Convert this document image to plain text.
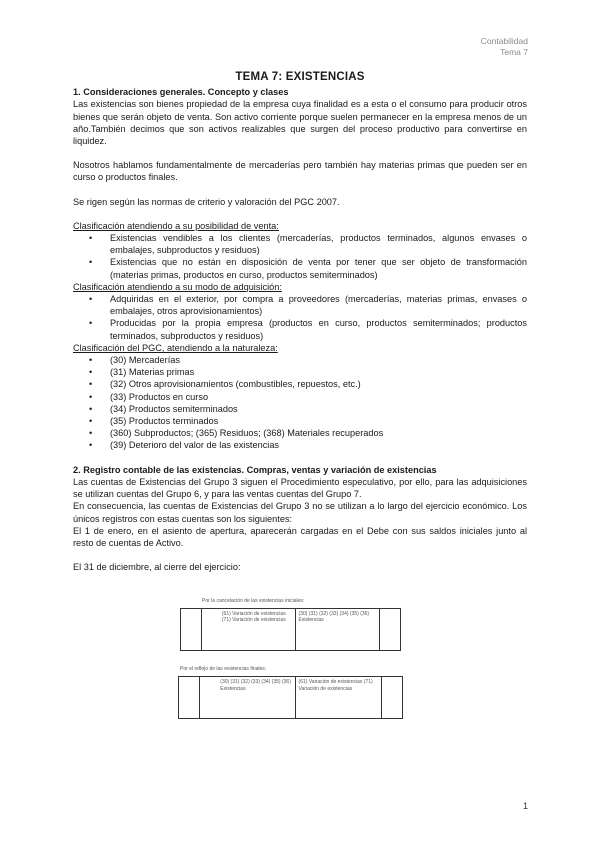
Contabilidad
Tema 7
TEMA 7: EXISTENCIAS
1. Consideraciones generales. Concepto y clases

Las existencias son bienes propiedad de la empresa cuya finalidad es a esta o el consumo para producir otros bienes que serán objeto de venta. Son activo corriente porque suelen permanecer en la empresa menos de un año.También decimos que son activos realizables que surgen del proceso productivo para convertirse en liquidez.

Nosotros hablamos fundamentalmente de mercaderías pero también hay materias primas que pueden ser en curso o productos finales.

Se rigen según las normas de criterio y valoración del PGC 2007.

Clasificación atendiendo a su posibilidad de venta:
• Existencias vendibles a los clientes (mercaderías, productos terminados, algunos envases o embalajes, subproductos y residuos)
• Existencias que no están en disposición de venta por tener que ser objeto de transformación (materias primas, productos en curso, productos semiterminados)
Clasificación atendiendo a su modo de adquisición:
• Adquiridas en el exterior, por compra a proveedores (mercaderías, materias primas, envases o embalajes, otros aprovisionamientos)
• Producidas por la propia empresa (productos en curso, productos semiterminados; productos terminados, subproductos y residuos)
Clasificación del PGC, atendiendo a la naturaleza:
• (30) Mercaderías
• (31) Materias primas
• (32) Otros aprovisionamientos (combustibles, repuestos, etc.)
• (33) Productos en curso
• (34) Productos semiterminados
• (35) Productos terminados
• (360) Subproductos; (365) Residuos; (368) Materiales recuperados
• (39) Deterioro del valor de las existencias
2. Registro contable de las existencias. Compras, ventas y variación de existencias

Las cuentas de Existencias del Grupo 3 siguen el Procedimiento especulativo, por ello, para las adquisiciones se utilizan cuentas del Grupo 6, y para las ventas cuentas del Grupo 7.

En consecuencia, las cuentas de Existencias del Grupo 3 no se utilizan a lo largo del ejercicio económico. Los únicos registros con estas cuentas son los siguientes:

El 1 de enero, en el asiento de apertura, aparecerán cargadas en el Debe con sus saldos iniciales junto al resto de cuentas de Activo.

El 31 de diciembre, al cierre del ejercicio:

Por la cancelación de las existencias iniciales:
	(61) Variación de existencias (71) Variación de existencias	(30) (31) (32) (33) (34) (35) (36) Existencias	
Por el reflejo de las existencias finales:
	(30) (31) (32) (33) (34) (35) (36) Existencias	(61) Variación de existencias (71) Variación de existencias	
1
